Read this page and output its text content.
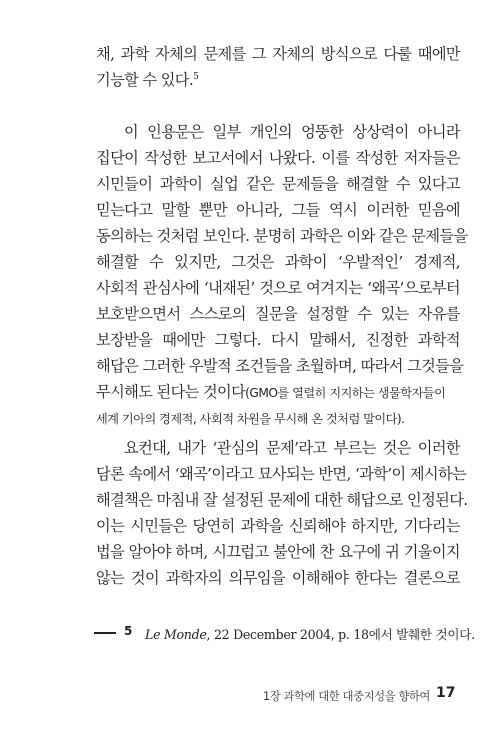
채, 과학 자체의 문제를 그 자체의 방식으로 다룰 때에만
기능할 수 있다.$^5$
이 인용문은 일부 개인의 엉뚱한 상상력이 아니라
집단이 작성한 보고서에서 나왔다. 이를 작성한 저자들은
시민들이 과학이 실업 같은 문제들을 해결할 수 있다고
믿는다고 말할 뿐만 아니라, 그들 역시 이러한 믿음에
동의하는 것처럼 보인다. 분명히 과학은 이와 같은 문제들을
해결할 수 있지만, 그것은 과학이 ‘우발적인’ 경제적,
사회적 관심사에 ‘내재된’ 것으로 여겨지는 ‘왜곡’으로부터
보호받으면서 스스로의 질문을 설정할 수 있는 자유를
보장받을 때에만 그렇다. 다시 말해서, 진정한 과학적
해답은 그러한 우발적 조건들을 초월하며, 따라서 그것들을
무시해도 된다는 것이다(GMO를 열렬히 지지하는 생물학자들이
세계 기아의 경제적, 사회적 차원을 무시해 온 것처럼 말이다).
요컨대, 내가 ‘관심의 문제’라고 부르는 것은 이러한
담론 속에서 ‘왜곡’이라고 묘사되는 반면, ‘과학’이 제시하는
해결책은 마침내 잘 설정된 문제에 대한 해답으로 인정된다.
이는 시민들은 당연히 과학을 신뢰해야 하지만, 기다리는
법을 알아야 하며, 시끄럽고 불안에 찬 요구에 귀 기울이지
않는 것이 과학자의 의무임을 이해해야 한다는 결론으로
5 Le Monde, 22 December 2004, p. 18에서 발췌한 것이다.
1장 과학에 대한 대중지성을 향하여 17
